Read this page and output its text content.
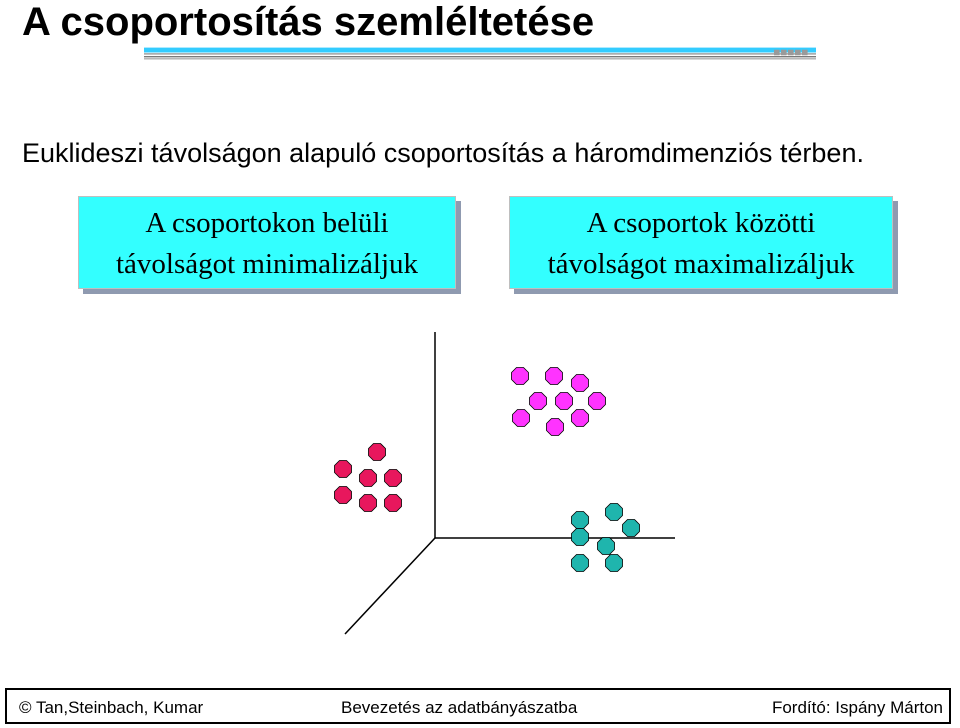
A csoportosítás szemléltetése
Euklideszi távolságon alapuló csoportosítás a háromdimenziós térben.
A csoportokon belüli
távolságot minimalizáljuk
A csoportok közötti
távolságot maximalizáljuk
© Tan,Steinbach, Kumar	Bevezetés az adatbányászatba	Fordító: Ispány Márton
